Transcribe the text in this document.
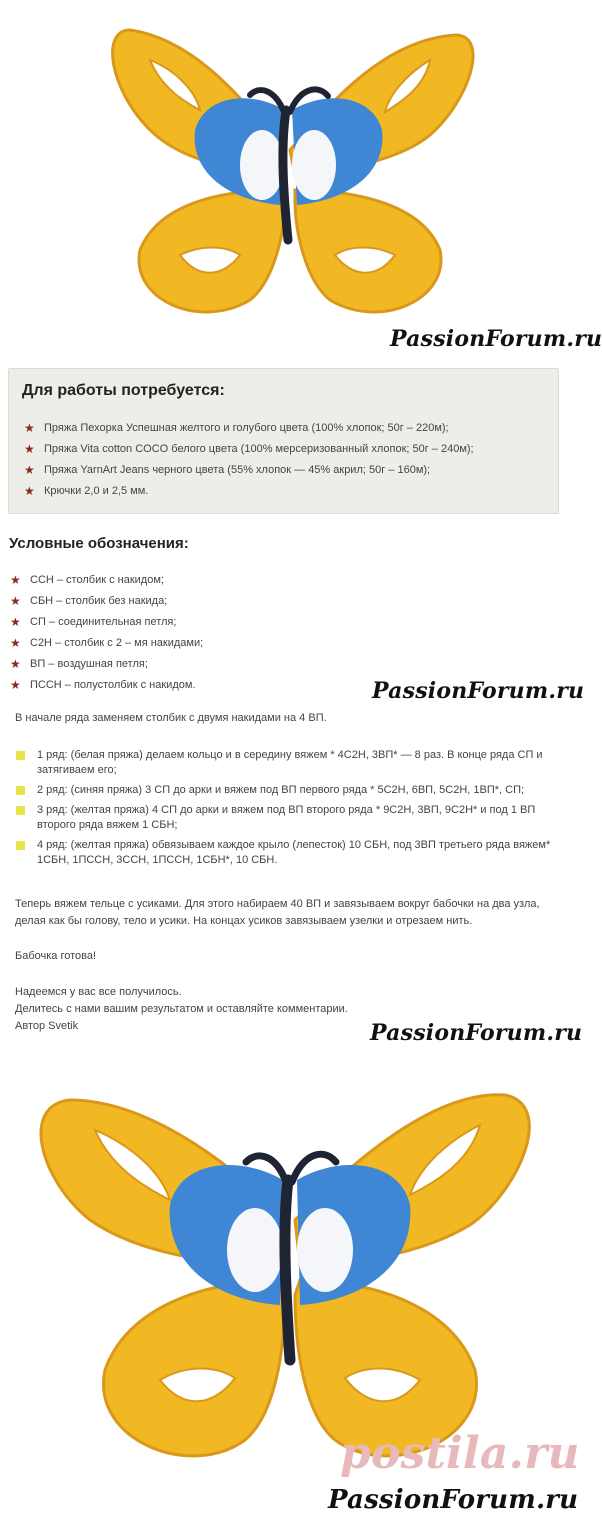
PassionForum.ru
Для работы потребуется:
★ Пряжа Пехорка Успешная желтого и голубого цвета (100% хлопок; 50г – 220м);
★ Пряжа Vita cotton COCO белого цвета (100% мерсеризованный хлопок; 50г – 240м);
★ Пряжа YarnArt Jeans черного цвета (55% хлопок — 45% акрил; 50г – 160м);
★ Крючки 2,0 и 2,5 мм.
Условные обозначения:
★ ССН – столбик с накидом;
★ СБН – столбик без накида;
★ СП – соединительная петля;
★ С2Н – столбик с 2 – мя накидами;
★ ВП – воздушная петля;
★ ПССН – полустолбик с накидом.	PassionForum.ru

В начале ряда заменяем столбик с двумя накидами на 4 ВП.

1 ряд: (белая пряжа) делаем кольцо и в середину вяжем * 4С2Н, 3ВП* — 8 раз. В конце ряда СП и затягиваем его;
2 ряд: (синяя пряжа) 3 СП до арки и вяжем под ВП первого ряда * 5С2Н, 6ВП, 5С2Н, 1ВП*, СП;
3 ряд: (желтая пряжа) 4 СП до арки и вяжем под ВП второго ряда * 9С2Н, 3ВП, 9С2Н* и под 1 ВП второго ряда вяжем 1 СБН;
4 ряд: (желтая пряжа) обвязываем каждое крыло (лепесток) 10 СБН, под 3ВП третьего ряда вяжем* 1СБН, 1ПССН, 3ССН, 1ПССН, 1СБН*, 10 СБН.

Теперь вяжем тельце с усиками. Для этого набираем 40 ВП и завязываем вокруг бабочки на два узла, делая как бы голову, тело и усики. На концах усиков завязываем узелки и отрезаем нить.

Бабочка готова!

Надеемся у вас все получилось.

Делитесь с нами вашим результатом и оставляйте комментарии.

Автор Svetik	PassionForum.ru
postila.ru
PassionForum.ru
